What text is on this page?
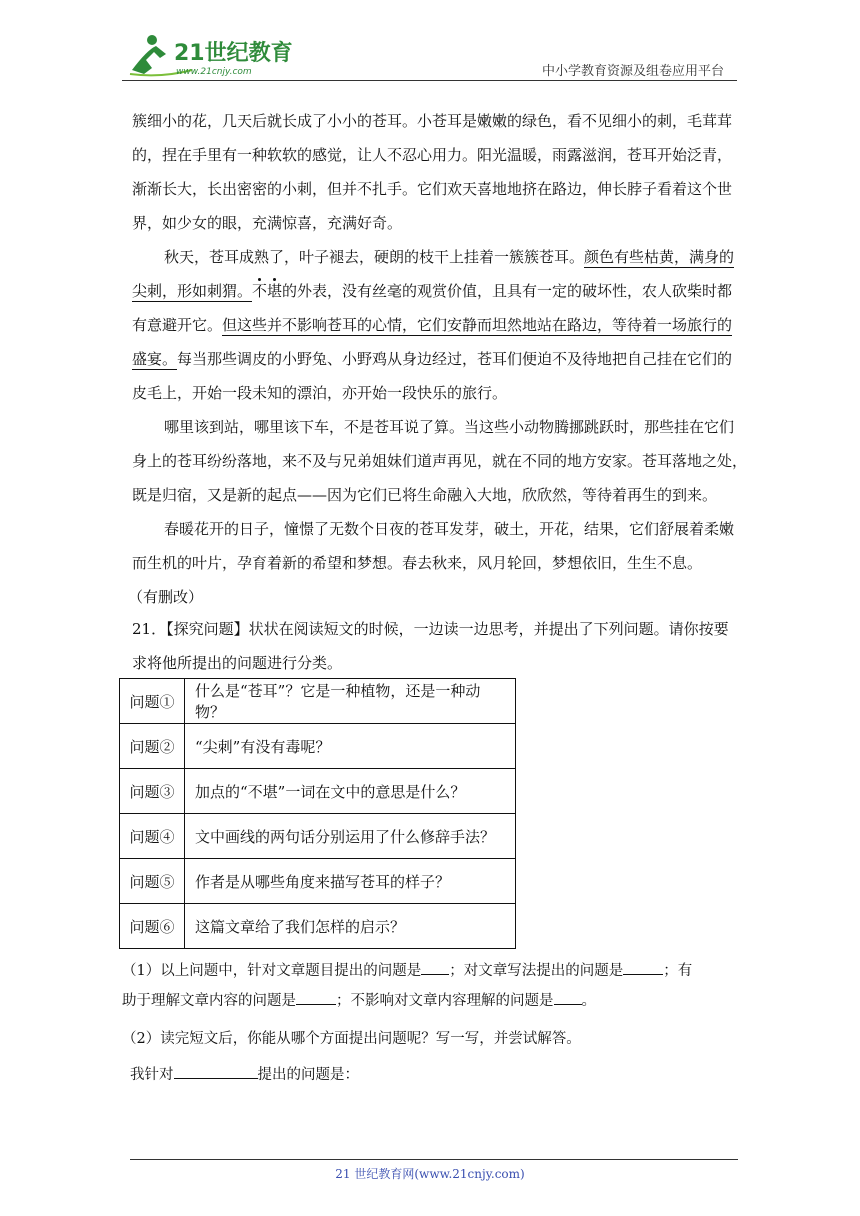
21世纪教育
www.21cnjy.com	中小学教育资源及组卷应用平台
簇细小的花，几天后就长成了小小的苍耳。小苍耳是嫩嫩的绿色，看不见细小的刺，毛茸茸
的，捏在手里有一种软软的感觉，让人不忍心用力。阳光温暖，雨露滋润，苍耳开始泛青，
渐渐长大，长出密密的小刺，但并不扎手。它们欢天喜地地挤在路边，伸长脖子看着这个世
界，如少女的眼，充满惊喜，充满好奇。
秋天，苍耳成熟了，叶子褪去，硬朗的枝干上挂着一簇簇苍耳。颜色有些枯黄，满身的
尖刺，形如刺猬。不堪的外表，没有丝毫的观赏价值，且具有一定的破坏性，农人砍柴时都
有意避开它。但这些并不影响苍耳的心情，它们安静而坦然地站在路边，等待着一场旅行的
盛宴。每当那些调皮的小野兔、小野鸡从身边经过，苍耳们便迫不及待地把自己挂在它们的
皮毛上，开始一段未知的漂泊，亦开始一段快乐的旅行。
哪里该到站，哪里该下车，不是苍耳说了算。当这些小动物腾挪跳跃时，那些挂在它们
身上的苍耳纷纷落地，来不及与兄弟姐妹们道声再见，就在不同的地方安家。苍耳落地之处，
既是归宿，又是新的起点——因为它们已将生命融入大地，欣欣然，等待着再生的到来。
春暖花开的日子，憧憬了无数个日夜的苍耳发芽，破土，开花，结果，它们舒展着柔嫩
而生机的叶片，孕育着新的希望和梦想。春去秋来，风月轮回，梦想依旧，生生不息。
（有删改）
21．【探究问题】状状在阅读短文的时候，一边读一边思考，并提出了下列问题。请你按要
求将他所提出的问题进行分类。
问题①	什么是“苍耳”？它是一种植物，还是一种动物？
问题②	“尖刺”有没有毒呢？
问题③	加点的“不堪”一词在文中的意思是什么？
问题④	文中画线的两句话分别运用了什么修辞手法？
问题⑤	作者是从哪些角度来描写苍耳的样子？
问题⑥	这篇文章给了我们怎样的启示？
（1）以上问题中，针对文章题目提出的问题是 ；对文章写法提出的问题是	；有
助于理解文章内容的问题是	；不影响对文章内容理解的问题是 。
（2）读完短文后，你能从哪个方面提出问题呢？写一写，并尝试解答。
我针对	提出的问题是：
21 世纪教育网(www.21cnjy.com)
